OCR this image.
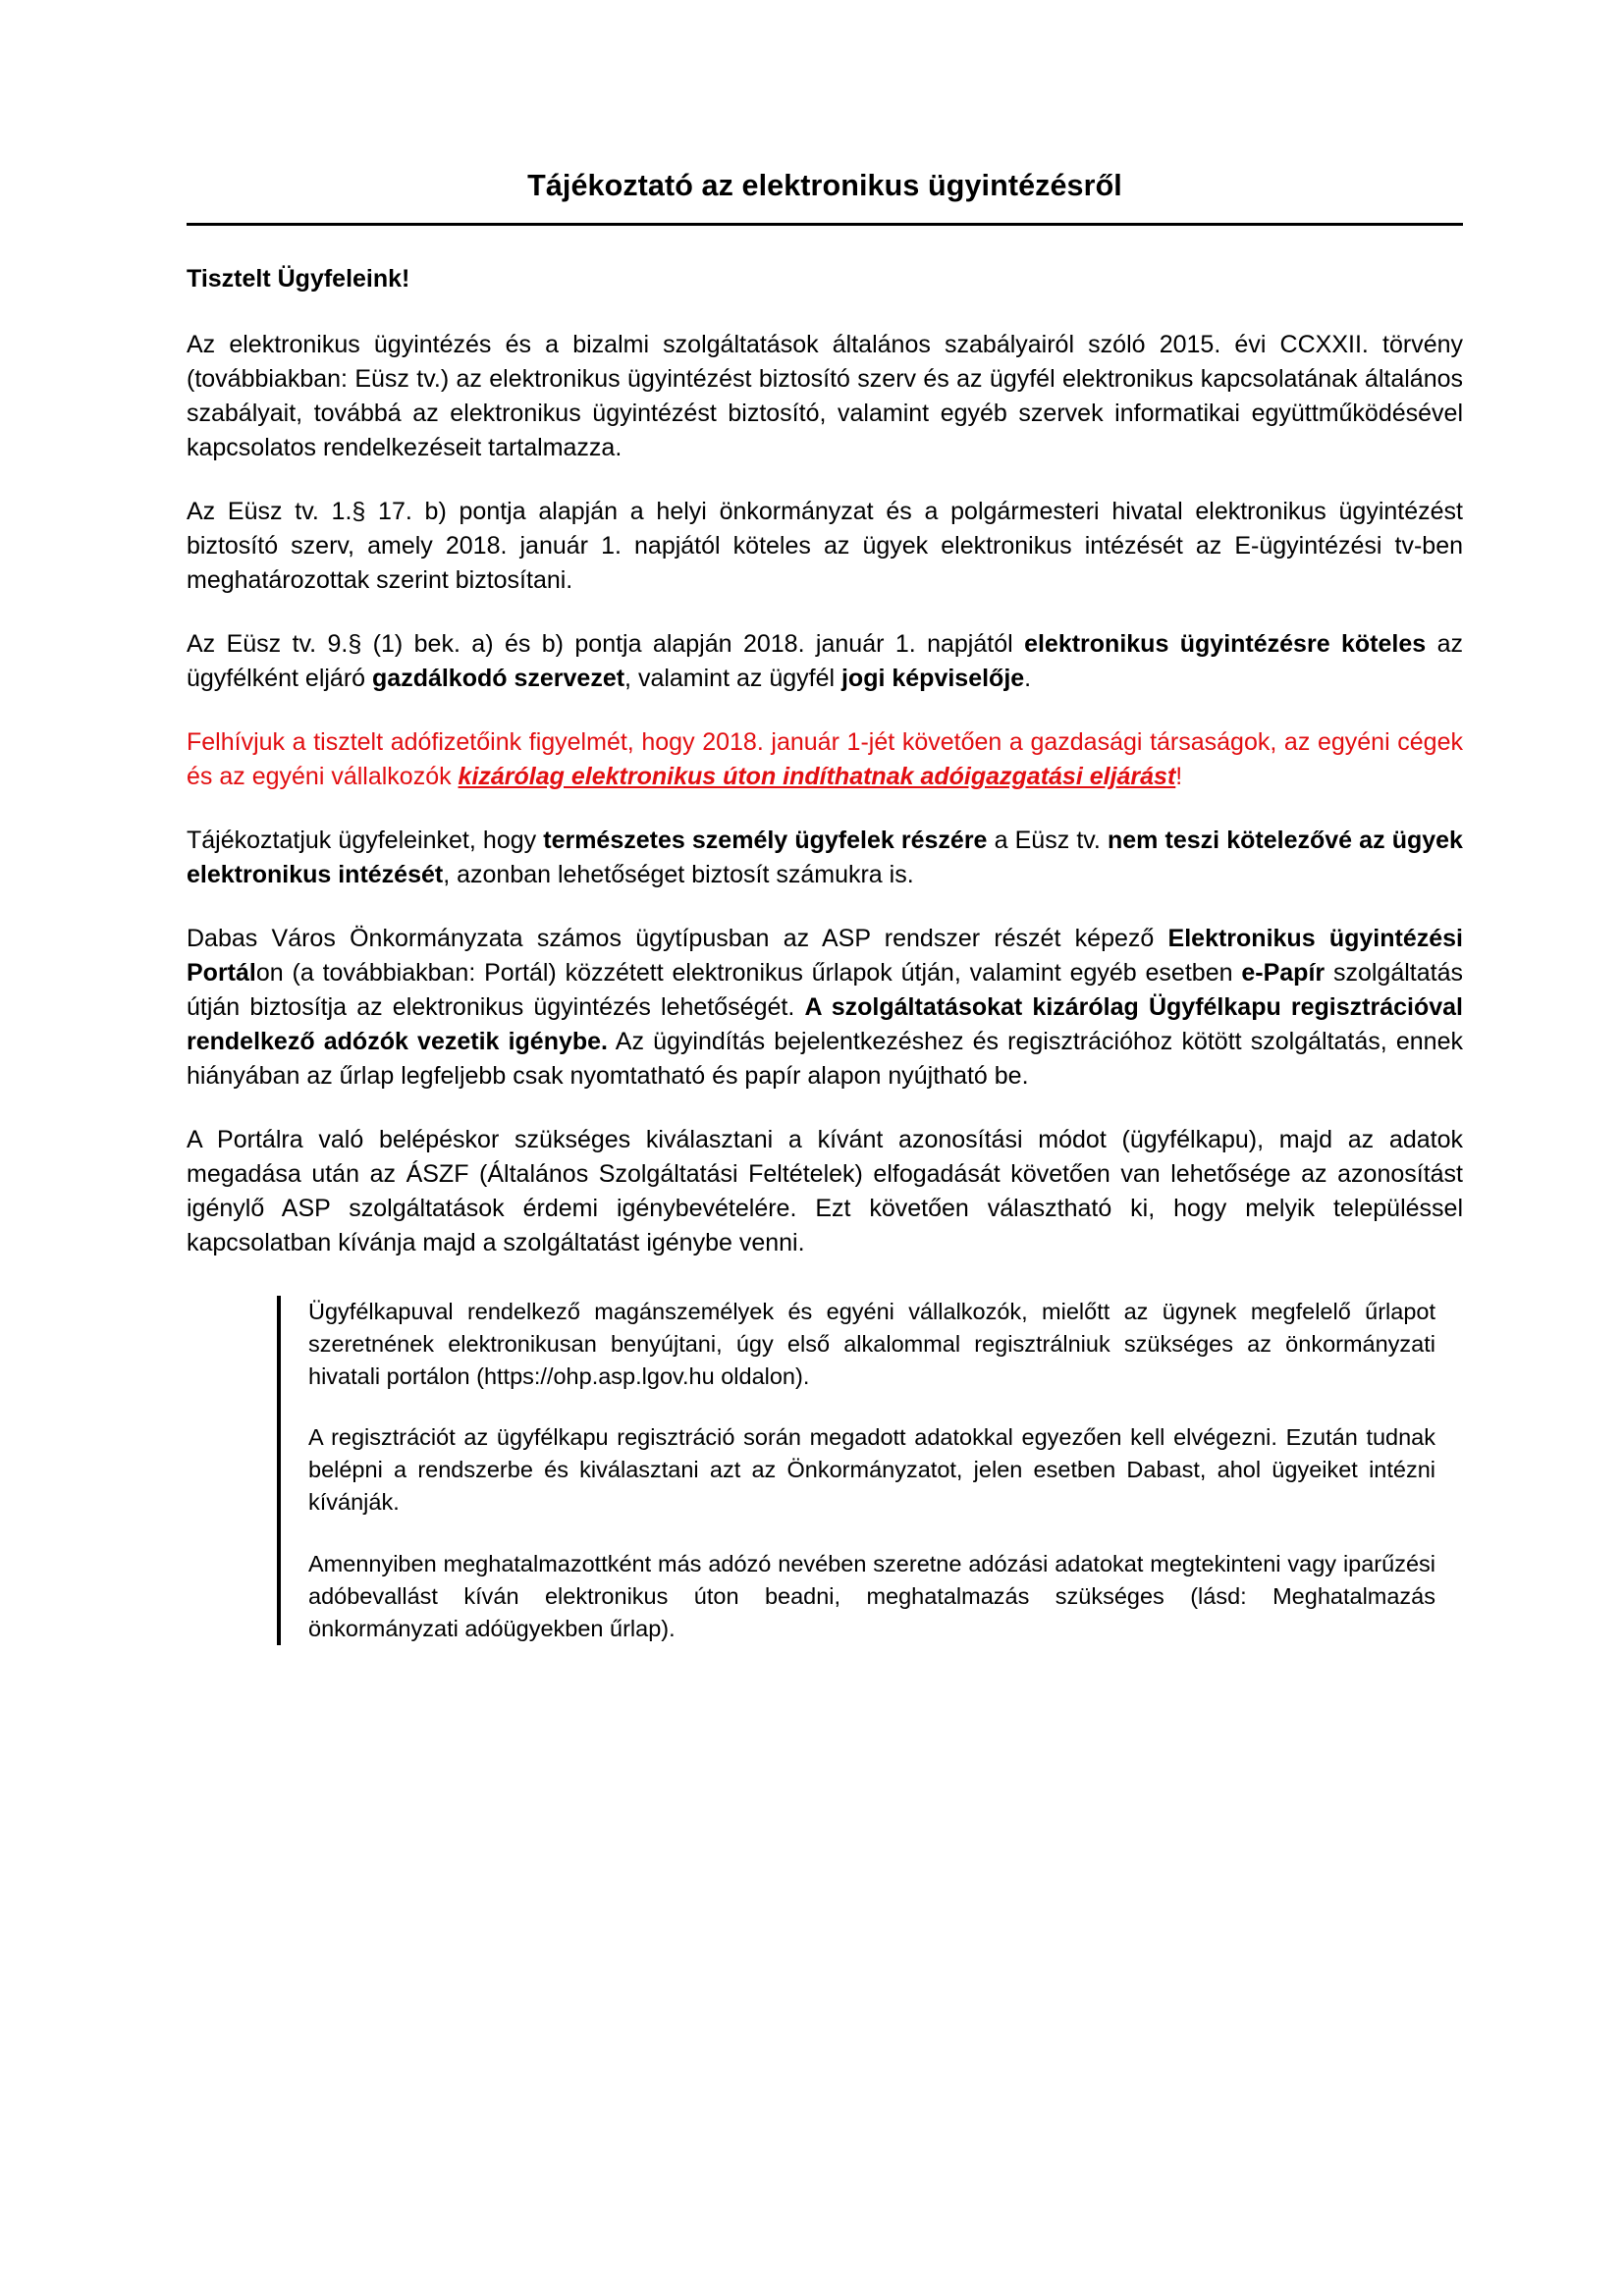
Tájékoztató az elektronikus ügyintézésről

Tisztelt Ügyfeleink!

Az elektronikus ügyintézés és a bizalmi szolgáltatások általános szabályairól szóló 2015. évi CCXXII. törvény (továbbiakban: Eüsz tv.) az elektronikus ügyintézést biztosító szerv és az ügyfél elektronikus kapcsolatának általános szabályait, továbbá az elektronikus ügyintézést biztosító, valamint egyéb szervek informatikai együttműködésével kapcsolatos rendelkezéseit tartalmazza.

Az Eüsz tv. 1.§ 17. b) pontja alapján a helyi önkormányzat és a polgármesteri hivatal elektronikus ügyintézést biztosító szerv, amely 2018. január 1. napjától köteles az ügyek elektronikus intézését az E-ügyintézési tv-ben meghatározottak szerint biztosítani.

Az Eüsz tv. 9.§ (1) bek. a) és b) pontja alapján 2018. január 1. napjától elektronikus ügyintézésre köteles az ügyfélként eljáró gazdálkodó szervezet, valamint az ügyfél jogi képviselője.

Felhívjuk a tisztelt adófizetőink figyelmét, hogy 2018. január 1-jét követően a gazdasági társaságok, az egyéni cégek és az egyéni vállalkozók kizárólag elektronikus úton indíthatnak adóigazgatási eljárást!

Tájékoztatjuk ügyfeleinket, hogy természetes személy ügyfelek részére a Eüsz tv. nem teszi kötelezővé az ügyek elektronikus intézését, azonban lehetőséget biztosít számukra is.

Dabas Város Önkormányzata számos ügytípusban az ASP rendszer részét képező Elektronikus ügyintézési Portálon (a továbbiakban: Portál) közzétett elektronikus űrlapok útján, valamint egyéb esetben e-Papír szolgáltatás útján biztosítja az elektronikus ügyintézés lehetőségét. A szolgáltatásokat kizárólag Ügyfélkapu regisztrációval rendelkező adózók vezetik igénybe. Az ügyindítás bejelentkezéshez és regisztrációhoz kötött szolgáltatás, ennek hiányában az űrlap legfeljebb csak nyomtatható és papír alapon nyújtható be.

A Portálra való belépéskor szükséges kiválasztani a kívánt azonosítási módot (ügyfélkapu), majd az adatok megadása után az ÁSZF (Általános Szolgáltatási Feltételek) elfogadását követően van lehetősége az azonosítást igénylő ASP szolgáltatások érdemi igénybevételére. Ezt követően választható ki, hogy melyik településsel kapcsolatban kívánja majd a szolgáltatást igénybe venni.

Ügyfélkapuval rendelkező magánszemélyek és egyéni vállalkozók, mielőtt az ügynek megfelelő űrlapot szeretnének elektronikusan benyújtani, úgy első alkalommal regisztrálniuk szükséges az önkormányzati hivatali portálon (https://ohp.asp.lgov.hu oldalon).

A regisztrációt az ügyfélkapu regisztráció során megadott adatokkal egyezően kell elvégezni. Ezután tudnak belépni a rendszerbe és kiválasztani azt az Önkormányzatot, jelen esetben Dabast, ahol ügyeiket intézni kívánják.

Amennyiben meghatalmazottként más adózó nevében szeretne adózási adatokat megtekinteni vagy iparűzési adóbevallást kíván elektronikus úton beadni, meghatalmazás szükséges (lásd: Meghatalmazás önkormányzati adóügyekben űrlap).
